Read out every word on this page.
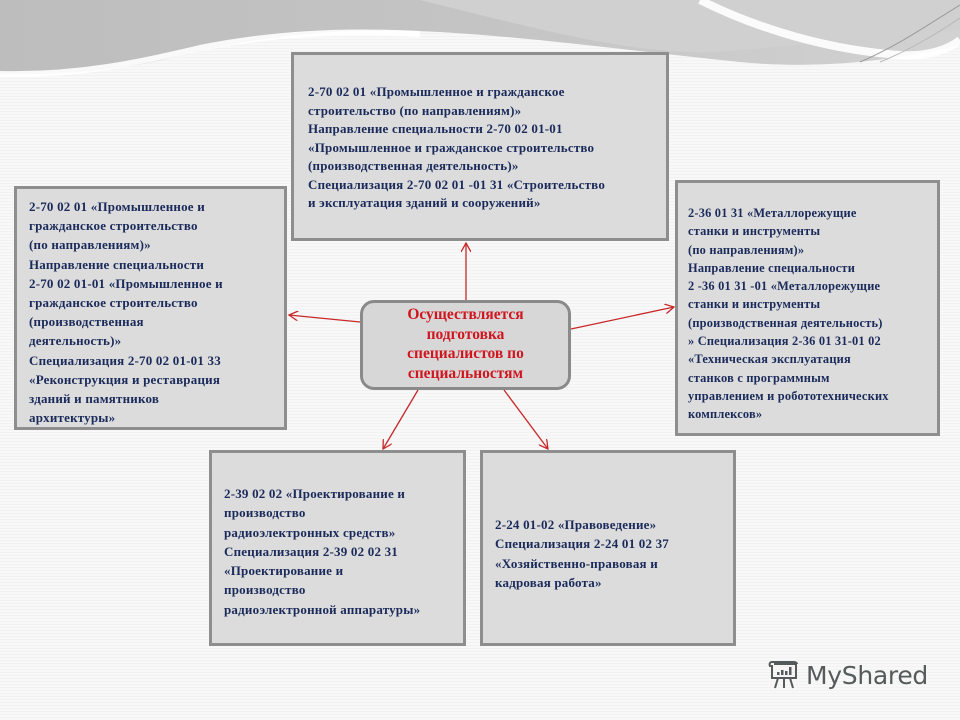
2-70 02 01 «Промышленное и гражданское
строительство (по направлениям)»
Направление специальности 2-70 02 01-01
«Промышленное и гражданское строительство
(производственная деятельность)»
Специализация 2-70 02 01 -01 31 «Строительство
и эксплуатация зданий и сооружений»
2-70 02 01 «Промышленное и
гражданское строительство
(по направлениям)»
Направление специальности
2-70 02 01-01 «Промышленное и
гражданское строительство
(производственная
деятельность)»
Специализация 2-70 02 01-01 33
«Реконструкция и реставрация
зданий и памятников
архитектуры»
2-36 01 31 «Металлорежущие
станки и инструменты
(по направлениям)»
Направление специальности
2 -36 01 31 -01 «Металлорежущие
станки и инструменты
(производственная деятельность)
» Специализация 2-36 01 31-01 02
«Техническая эксплуатация
станков с программным
управлением и робототехнических
комплексов»
2-39 02 02 «Проектирование и
производство
радиоэлектронных средств»
Специализация 2-39 02 02 31
«Проектирование и
производство
радиоэлектронной аппаратуры»
2-24 01-02 «Правоведение»
Специализация 2-24 01 02 37
«Хозяйственно-правовая и
кадровая работа»
Осуществляется
подготовка
специалистов по
специальностям
MyShared
